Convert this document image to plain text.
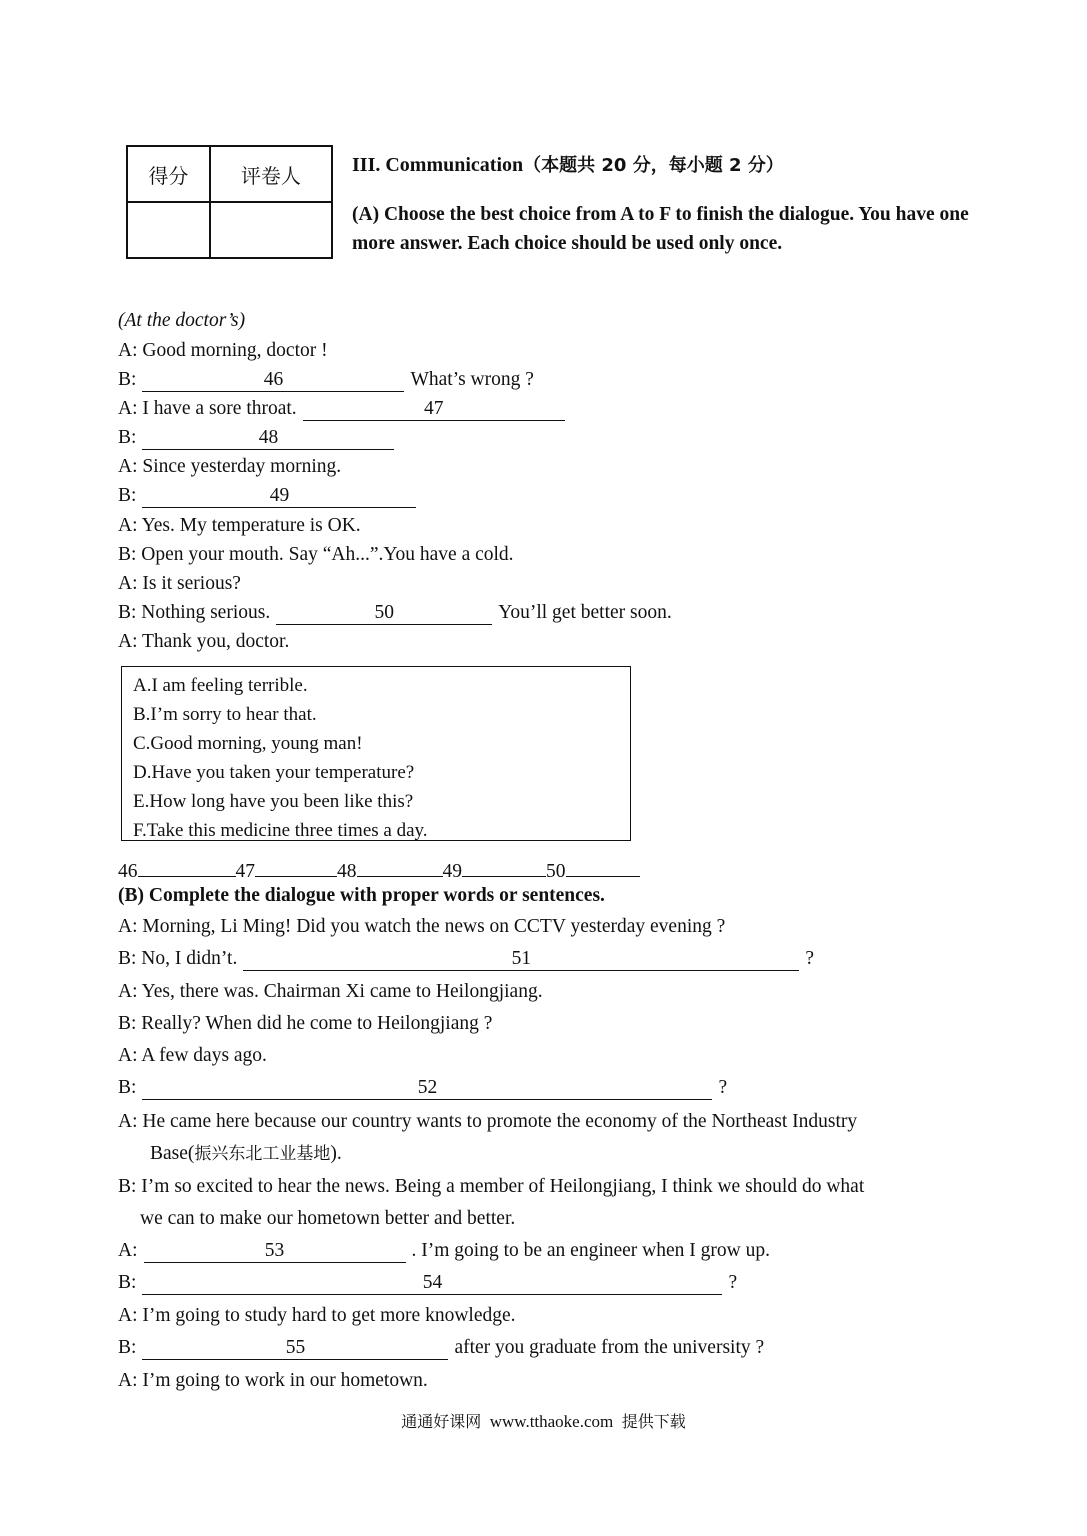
得分	评卷人
		III. Communication（本题共 20 分，每小题 2 分）
(A) Choose the best choice from A to F to finish the dialogue. You have one more answer. Each choice should be used only once.
(At the doctor’s)
A: Good morning, doctor !
B:	46	What’s wrong ?
A: I have a sore throat.	47
B:	48
A: Since yesterday morning.
B:	49
A: Yes. My temperature is OK.
B: Open your mouth. Say “Ah...”.You have a cold.
A: Is it serious?
B: Nothing serious.	50	You’ll get better soon.
A: Thank you, doctor.
A.I am feeling terrible.
B.I’m sorry to hear that.
C.Good morning, young man!
D.Have you taken your temperature?
E.How long have you been like this?
F.Take this medicine three times a day.
46	47	48	49	50
(B) Complete the dialogue with proper words or sentences.
A: Morning, Li Ming! Did you watch the news on CCTV yesterday evening ?
B: No, I didn’t.	51	?
A: Yes, there was. Chairman Xi came to Heilongjiang.
B: Really? When did he come to Heilongjiang ?
A: A few days ago.
B:	52	?
A: He came here because our country wants to promote the economy of the Northeast Industry
Base(振兴东北工业基地).
B: I’m so excited to hear the news. Being a member of Heilongjiang, I think we should do what
we can to make our hometown better and better.
A:	53	. I’m going to be an engineer when I grow up.
B:	54	?
A: I’m going to study hard to get more knowledge.
B:	55	after you graduate from the university ?
A: I’m going to work in our hometown.
通通好课网 www.tthaoke.com 提供下载
